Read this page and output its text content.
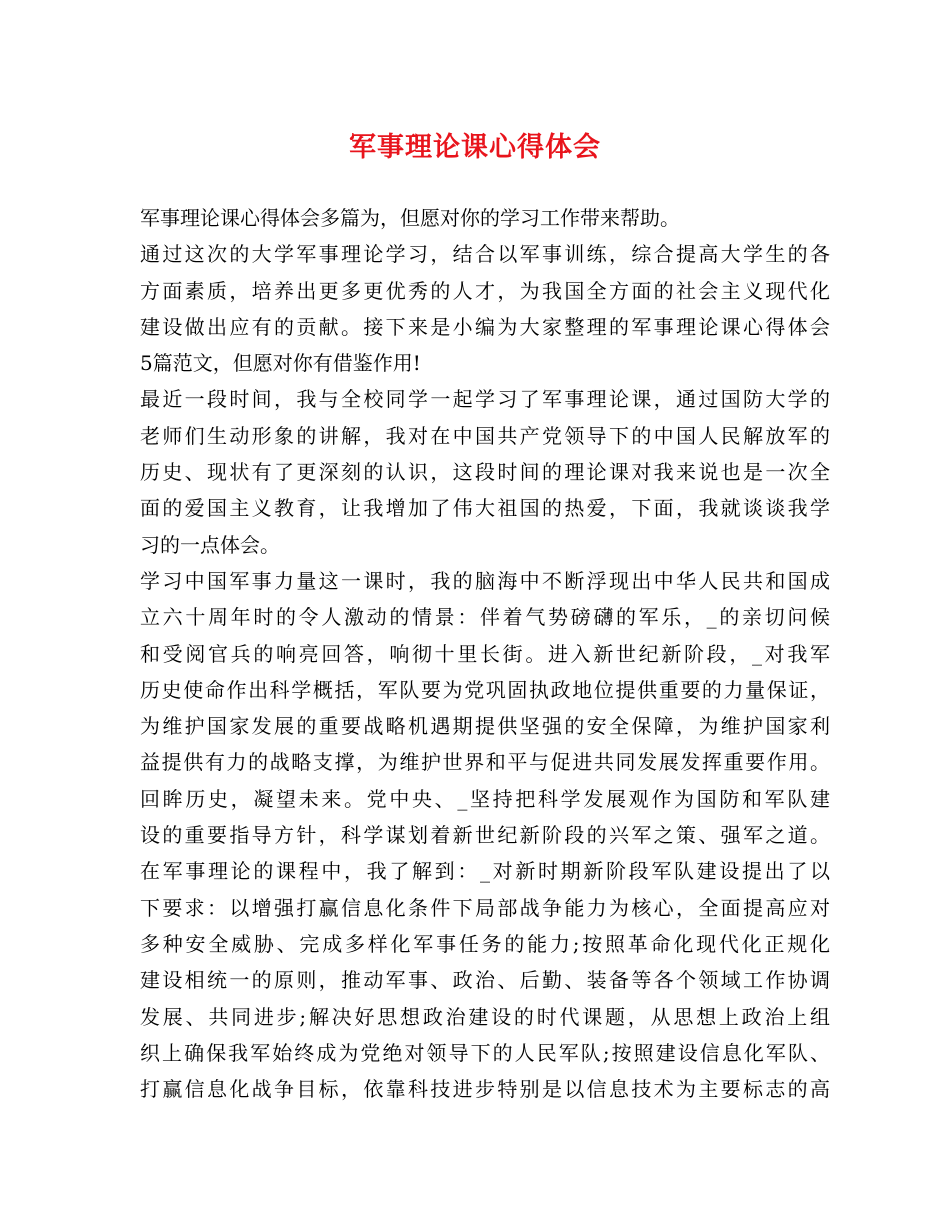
军事理论课心得体会
军事理论课心得体会多篇为，但愿对你的学习工作带来帮助。
通过这次的大学军事理论学习，结合以军事训练，综合提高大学生的各
方面素质，培养出更多更优秀的人才，为我国全方面的社会主义现代化
建设做出应有的贡献。接下来是小编为大家整理的军事理论课心得体会
5篇范文，但愿对你有借鉴作用!
最近一段时间，我与全校同学一起学习了军事理论课，通过国防大学的
老师们生动形象的讲解，我对在中国共产党领导下的中国人民解放军的
历史、现状有了更深刻的认识，这段时间的理论课对我来说也是一次全
面的爱国主义教育，让我增加了伟大祖国的热爱，下面，我就谈谈我学
习的一点体会。
学习中国军事力量这一课时，我的脑海中不断浮现出中华人民共和国成
立六十周年时的令人激动的情景：伴着气势磅礴的军乐，_的亲切问候
和受阅官兵的响亮回答，响彻十里长街。进入新世纪新阶段，_对我军
历史使命作出科学概括，军队要为党巩固执政地位提供重要的力量保证，
为维护国家发展的重要战略机遇期提供坚强的安全保障，为维护国家利
益提供有力的战略支撑，为维护世界和平与促进共同发展发挥重要作用。
回眸历史，凝望未来。党中央、_坚持把科学发展观作为国防和军队建
设的重要指导方针，科学谋划着新世纪新阶段的兴军之策、强军之道。
在军事理论的课程中，我了解到：_对新时期新阶段军队建设提出了以
下要求：以增强打赢信息化条件下局部战争能力为核心，全面提高应对
多种安全威胁、完成多样化军事任务的能力;按照革命化现代化正规化
建设相统一的原则，推动军事、政治、后勤、装备等各个领域工作协调
发展、共同进步;解决好思想政治建设的时代课题，从思想上政治上组
织上确保我军始终成为党绝对领导下的人民军队;按照建设信息化军队、
打赢信息化战争目标，依靠科技进步特别是以信息技术为主要标志的高
